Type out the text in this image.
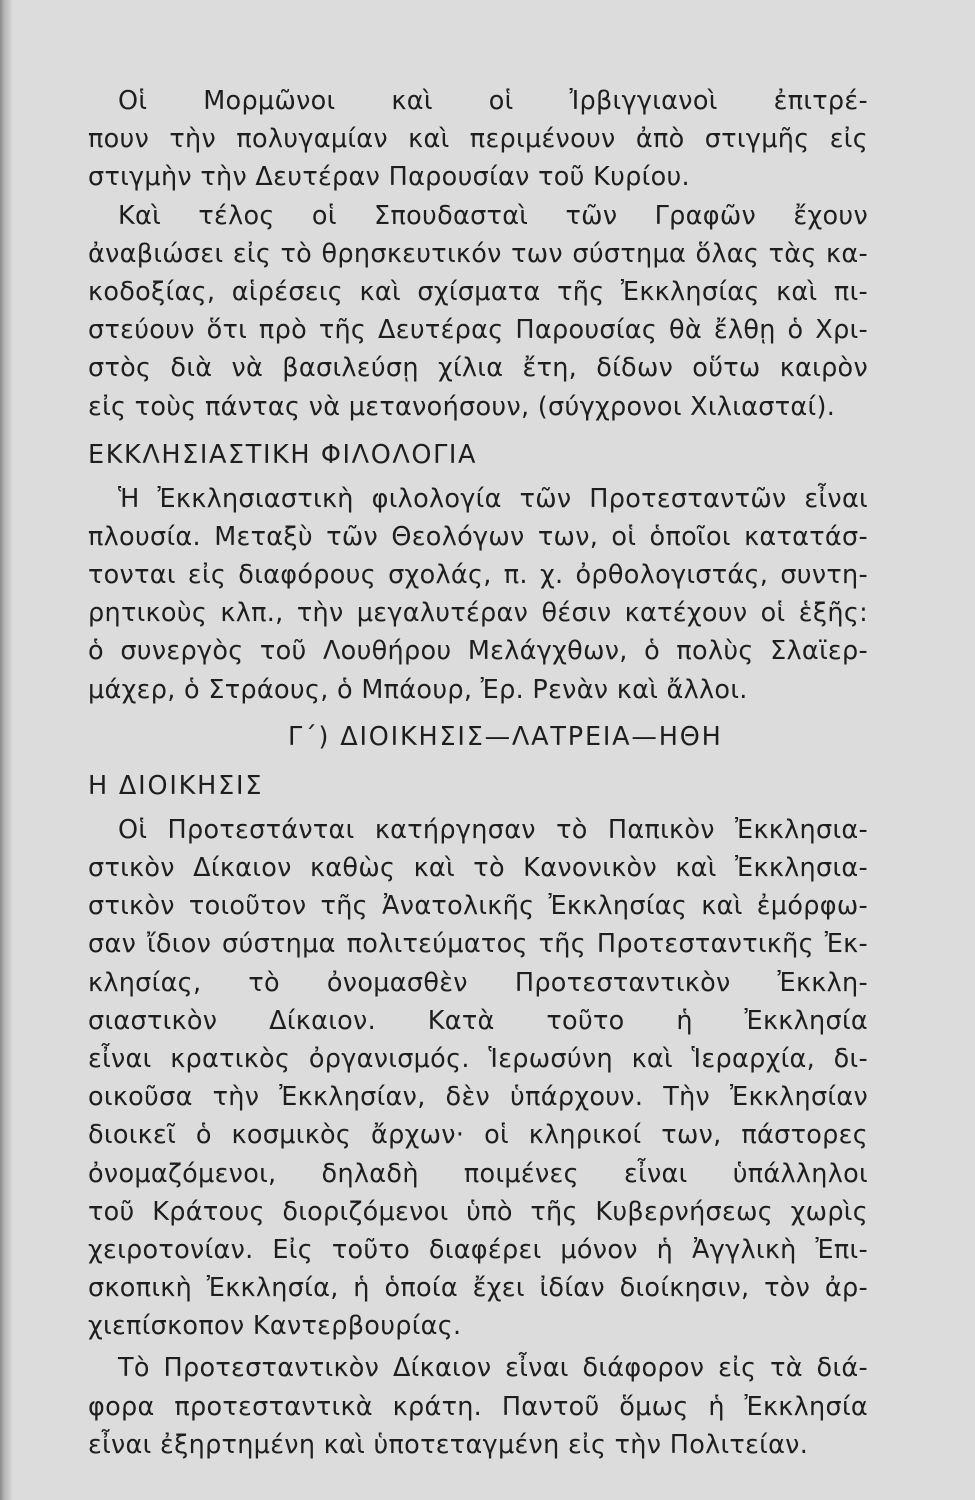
Οἱ Μορμῶνοι καὶ οἱ Ἰρβιγγιανοὶ ἐπιτρέ-
πουν τὴν πολυγαμίαν καὶ περιμένουν ἀπὸ στιγμῆς εἰς
στιγμὴν τὴν Δευτέραν Παρουσίαν τοῦ Κυρίου.
Καὶ τέλος οἱ Σπουδασταὶ τῶν Γραφῶν ἔχουν
ἀναβιώσει εἰς τὸ θρησκευτικόν των σύστημα ὅλας τὰς κα-
κοδοξίας, αἱρέσεις καὶ σχίσματα τῆς Ἐκκλησίας καὶ πι-
στεύουν ὅτι πρὸ τῆς Δευτέρας Παρουσίας θὰ ἔλθῃ ὁ Χρι-
στὸς διὰ νὰ βασιλεύσῃ χίλια ἔτη, δίδων οὕτω καιρὸν
εἰς τοὺς πάντας νὰ μετανοήσουν, (σύγχρονοι Χιλιασταί).
ΕΚΚΛΗΣΙΑΣΤΙΚΗ ΦΙΛΟΛΟΓΙΑ
Ἡ Ἐκκλησιαστικὴ φιλολογία τῶν Προτεσταντῶν εἶναι
πλουσία. Μεταξὺ τῶν Θεολόγων των, οἱ ὁποῖοι κατατάσ-
τονται εἰς διαφόρους σχολάς, π. χ. ὀρθολογιστάς, συντη-
ρητικοὺς κλπ., τὴν μεγαλυτέραν θέσιν κατέχουν οἱ ἑξῆς:
ὁ συνεργὸς τοῦ Λουθήρου Μελάγχθων, ὁ πολὺς Σλαϊερ-
μάχερ, ὁ Στράους, ὁ Μπάουρ, Ἐρ. Ρενὰν καὶ ἄλλοι.
Γ΄) ΔΙΟΙΚΗΣΙΣ—ΛΑΤΡΕΙΑ—ΗΘΗ
Η ΔΙΟΙΚΗΣΙΣ
Οἱ Προτεστάνται κατήργησαν τὸ Παπικὸν Ἐκκλησια-
στικὸν Δίκαιον καθὼς καὶ τὸ Κανονικὸν καὶ Ἐκκλησια-
στικὸν τοιοῦτον τῆς Ἀνατολικῆς Ἐκκλησίας καὶ ἐμόρφω-
σαν ἴδιον σύστημα πολιτεύματος τῆς Προτεσταντικῆς Ἐκ-
κλησίας, τὸ ὀνομασθὲν Προτεσταντικὸν Ἐκκλη-
σιαστικὸν Δίκαιον. Κατὰ τοῦτο ἡ Ἐκκλησία
εἶναι κρατικὸς ὀργανισμός. Ἱερωσύνη καὶ Ἱεραρχία, δι-
οικοῦσα τὴν Ἐκκλησίαν, δὲν ὑπάρχουν. Τὴν Ἐκκλησίαν
διοικεῖ ὁ κοσμικὸς ἄρχων· οἱ κληρικοί των, πάστορες
ὀνομαζόμενοι, δηλαδὴ ποιμένες εἶναι ὑπάλληλοι
τοῦ Κράτους διοριζόμενοι ὑπὸ τῆς Κυβερνήσεως χωρὶς
χειροτονίαν. Εἰς τοῦτο διαφέρει μόνον ἡ Ἀγγλικὴ Ἐπι-
σκοπικὴ Ἐκκλησία, ἡ ὁποία ἔχει ἰδίαν διοίκησιν, τὸν ἀρ-
χιεπίσκοπον Καντερβουρίας.
Τὸ Προτεσταντικὸν Δίκαιον εἶναι διάφορον εἰς τὰ διά-
φορα προτεσταντικὰ κράτη. Παντοῦ ὅμως ἡ Ἐκκλησία
εἶναι ἐξηρτημένη καὶ ὑποτεταγμένη εἰς τὴν Πολιτείαν.
